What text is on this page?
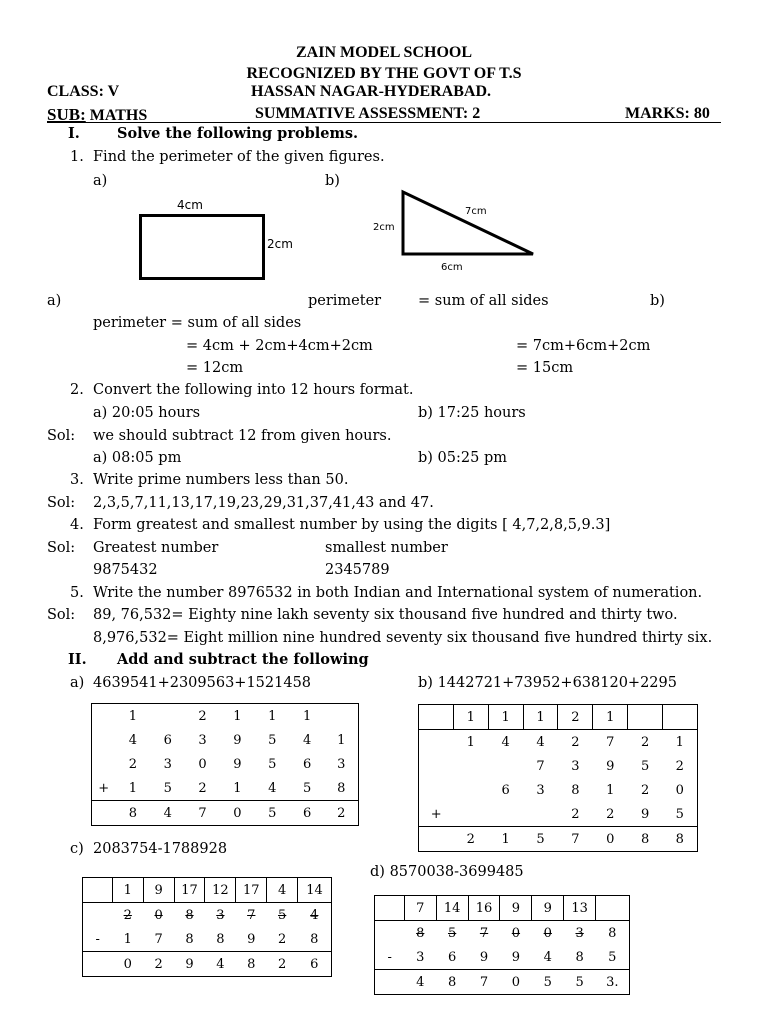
ZAIN MODEL SCHOOL
RECOGNIZED BY THE GOVT OF T.S
CLASS: V	HASSAN NAGAR-HYDERABAD.
SUB: MATHS	SUMMATIVE ASSESSMENT: 2	MARKS: 80
I.	Solve the following problems.
1. Find the perimeter of the given figures.
a)	b)
4cm
2cm
7cm
2cm
6cm
a)	perimeter	= sum of all sides	b)
perimeter = sum of all sides
= 4cm + 2cm+4cm+2cm	= 7cm+6cm+2cm
= 12cm	= 15cm
2. Convert the following into 12 hours format.
a) 20:05 hours	b) 17:25 hours
Sol: we should subtract 12 from given hours.
a) 08:05 pm	b) 05:25 pm
3. Write prime numbers less than 50.
Sol: 2,3,5,7,11,13,17,19,23,29,31,37,41,43 and 47.
4. Form greatest and smallest number by using the digits [ 4,7,2,8,5,9.3]
Sol: Greatest number	smallest number
9875432	2345789
5. Write the number 8976532 in both Indian and International system of numeration.
Sol: 89, 76,532= Eighty nine lakh seventy six thousand five hundred and thirty two.
8,976,532= Eight million nine hundred seventy six thousand five hundred thirty six.
II. Add and subtract the following
a) 4639541+2309563+1521458	b) 1442721+73952+638120+2295
	1		2	1	1	1	
	4	6	3	9	5	4	1
	2	3	0	9	5	6	3
+	1	5	2	1	4	5	8
	8	4	7	0	5	6	2
	1	1	1	2	1		
	1	4	4	2	7	2	1
			7	3	9	5	2
		6	3	8	1	2	0
+				2	2	9	5
	2	1	5	7	0	8	8
c) 2083754-1788928
d) 8570038-3699485
	1	9	17	12	17	4	14
	2	0	8	3	7	5	4
-	1	7	8	8	9	2	8
	0	2	9	4	8	2	6
	7	14	16	9	9	13	
	8	5	7	0	0	3	8
-	3	6	9	9	4	8	5
	4	8	7	0	5	5	3.
